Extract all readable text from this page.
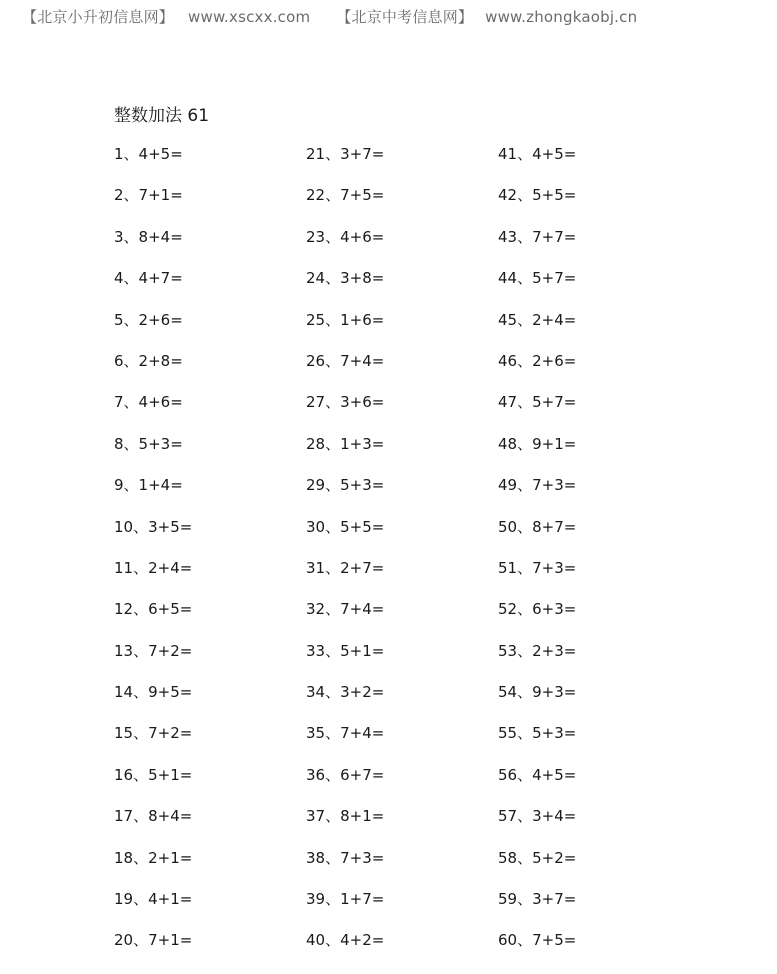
【北京小升初信息网】 www.xscxx.com 【北京中考信息网】 www.zhongkaobj.cn
整数加法 61
1、4+5=
2、7+1=
3、8+4=
4、4+7=
5、2+6=
6、2+8=
7、4+6=
8、5+3=
9、1+4=
10、3+5=
11、2+4=
12、6+5=
13、7+2=
14、9+5=
15、7+2=
16、5+1=
17、8+4=
18、2+1=
19、4+1=
20、7+1=
21、3+7=
22、7+5=
23、4+6=
24、3+8=
25、1+6=
26、7+4=
27、3+6=
28、1+3=
29、5+3=
30、5+5=
31、2+7=
32、7+4=
33、5+1=
34、3+2=
35、7+4=
36、6+7=
37、8+1=
38、7+3=
39、1+7=
40、4+2=
41、4+5=
42、5+5=
43、7+7=
44、5+7=
45、2+4=
46、2+6=
47、5+7=
48、9+1=
49、7+3=
50、8+7=
51、7+3=
52、6+3=
53、2+3=
54、9+3=
55、5+3=
56、4+5=
57、3+4=
58、5+2=
59、3+7=
60、7+5=
